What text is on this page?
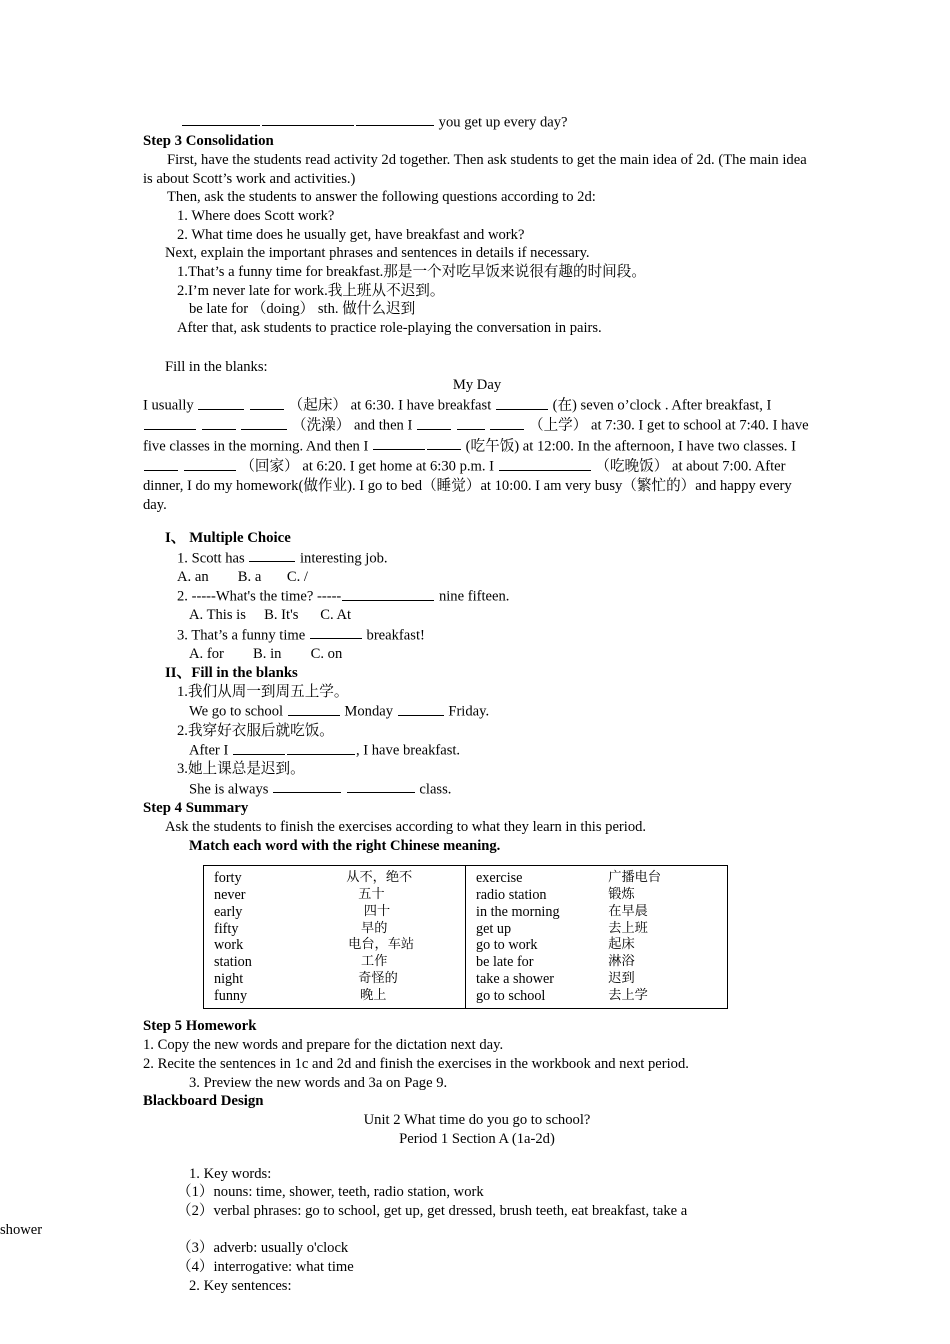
you get up every day?

Step 3 Consolidation

First, have the students read activity 2d together. Then ask students to get the main idea of 2d. (The main idea is about Scott’s work and activities.)

Then, ask the students to answer the following questions according to 2d:

1. Where does Scott work?

2. What time does he usually get, have breakfast and work?

Next, explain the important phrases and sentences in details if necessary.

1.That’s a funny time for breakfast.那是一个对吃早饭来说很有趣的时间段。

2.I’m never late for work.我上班从不迟到。

be late for （doing） sth. 做什么迟到

After that, ask students to practice role-playing the conversation in pairs.

Fill in the blanks:

My Day

I usually	（起床） at 6:30. I have breakfast	(在) seven o’clock . After breakfast, I   （洗澡） and then I	（上学） at 7:30. I get to school at 7:40. I have five classes in the morning. And then I	(吃午饭) at 12:00. In the afternoon, I have two classes. I   （回家） at 6:20. I get home at 6:30 p.m. I	（吃晚饭） at about 7:00. After dinner, I do my homework(做作业). I go to bed（睡觉）at 10:00. I am very busy（繁忙的）and happy every day.

I、 Multiple Choice

1. Scott has	interesting job.

A. an        B. a       C. /

2. -----What's the time? -----	nine fifteen.

A. This is     B. It's      C. At

3. That’s a funny time	breakfast!

A. for        B. in        C. on

II、Fill in the blanks

1.我们从周一到周五上学。

We go to school	Monday	Friday.

2.我穿好衣服后就吃饭。

After I	, I have breakfast.

3.她上课总是迟到。

She is always	class.

Step 4 Summary

Ask the students to finish the exercises according to what they learn in this period.

Match each word with the right Chinese meaning.

forty	从不，绝不
never	五十
early	四十
fifty	早的
work	电台，车站
station	工作
night	奇怪的
funny	晚上

exercise	广播电台
radio station	锻炼
in the morning	在早晨
get up	去上班
go to work	起床
be late for	淋浴
take a shower	迟到
go to school	去上学

Step 5 Homework

1. Copy the new words and prepare for the dictation next day.

2. Recite the sentences in 1c and 2d and finish the exercises in the workbook and next period.

3. Preview the new words and 3a on Page 9.

Blackboard Design

Unit 2 What time do you go to school?

Period 1 Section A (1a-2d)

1. Key words:

（1）nouns: time, shower, teeth, radio station, work

（2）verbal phrases: go to school, get up, get dressed, brush teeth, eat breakfast, take a

shower

（3）adverb: usually o'clock

（4）interrogative: what time

2. Key sentences:
